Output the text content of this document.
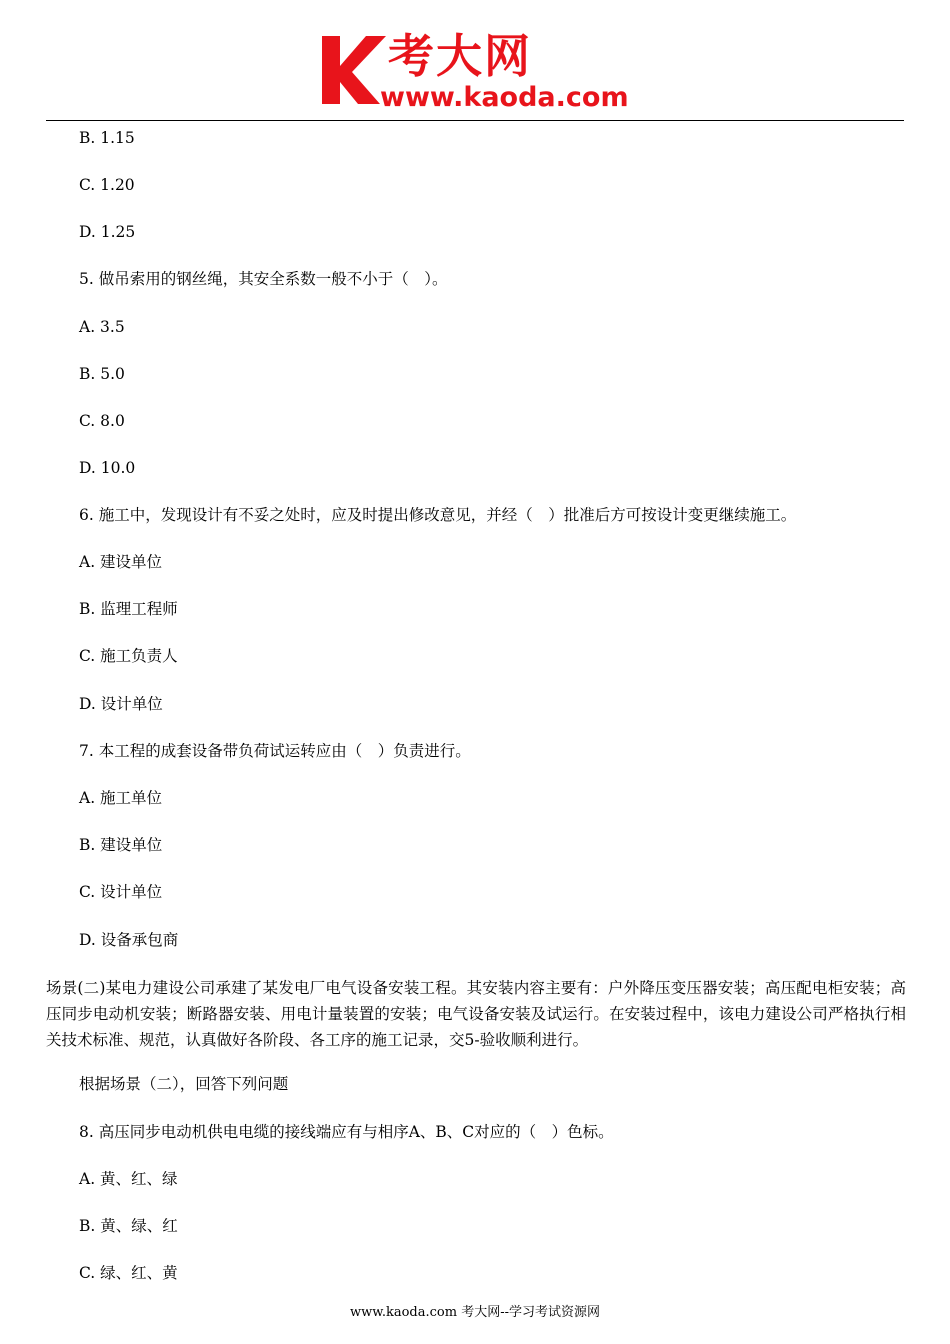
考大网
www.kaoda.com
B. 1.15
C. 1.20
D. 1.25
5. 做吊索用的钢丝绳，其安全系数一般不小于（　）。
A. 3.5
B. 5.0
C. 8.0
D. 10.0
6. 施工中，发现设计有不妥之处时，应及时提出修改意见，并经（　）批准后方可按设计变更继续施工。
A. 建设单位
B. 监理工程师
C. 施工负责人
D. 设计单位
7. 本工程的成套设备带负荷试运转应由（　）负责进行。
A. 施工单位
B. 建设单位
C. 设计单位
D. 设备承包商
场景(二)某电力建设公司承建了某发电厂电气设备安装工程。其安装内容主要有：户外降压变压器安装；高压配电柜安装；高压同步电动机安装；断路器安装、用电计量装置的安装；电气设备安装及试运行。在安装过程中，该电力建设公司严格执行相关技术标准、规范，认真做好各阶段、各工序的施工记录，交5-验收顺利进行。
根据场景（二），回答下列问题
8. 高压同步电动机供电电缆的接线端应有与相序A、B、C对应的（　）色标。
A. 黄、红、绿
B. 黄、绿、红
C. 绿、红、黄
www.kaoda.com 考大网--学习考试资源网
